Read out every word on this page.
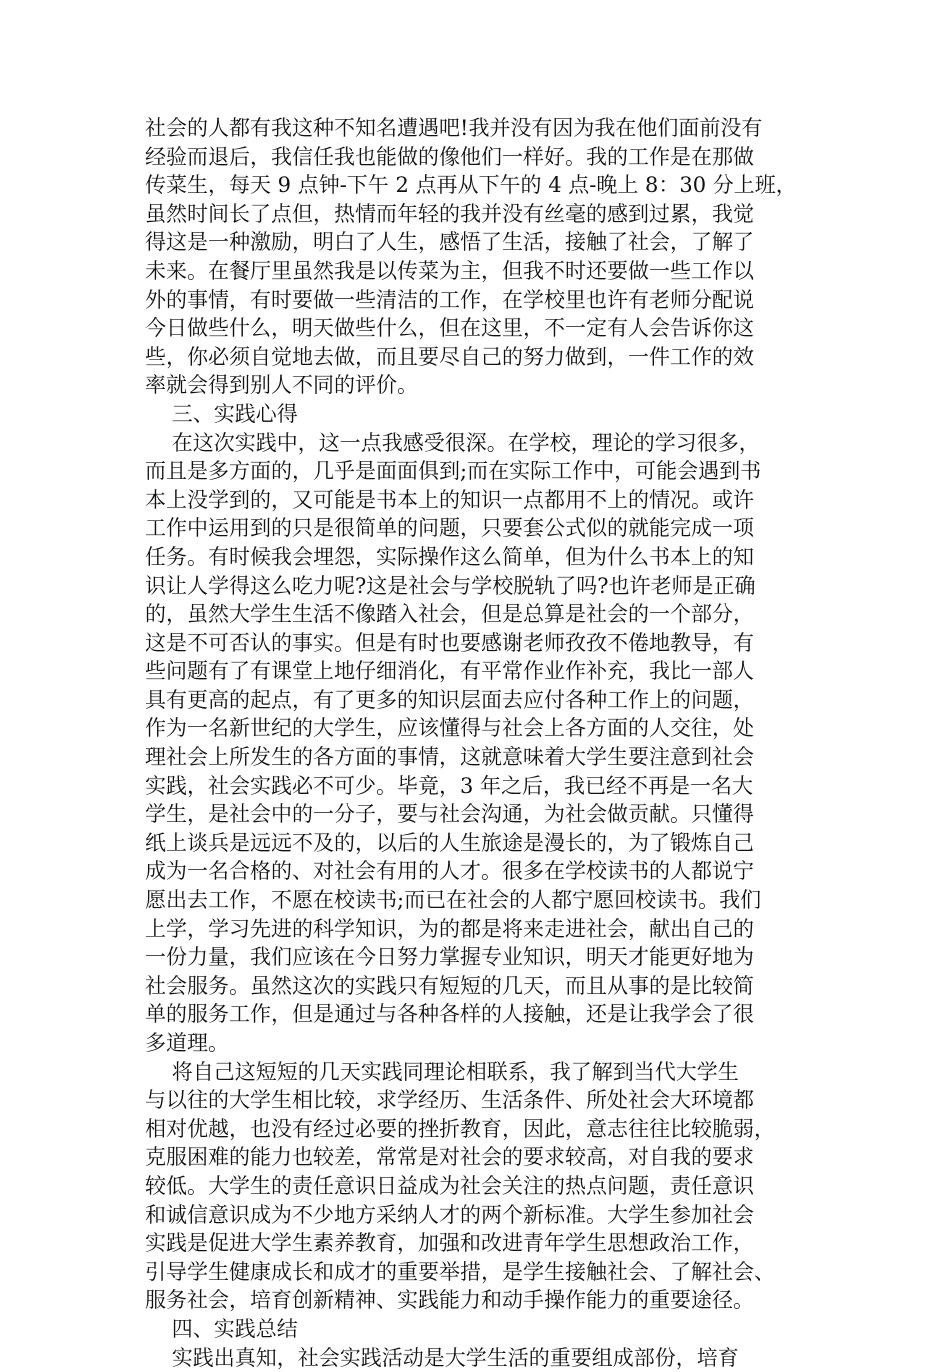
社会的人都有我这种不知名遭遇吧!我并没有因为我在他们面前没有
经验而退后，我信任我也能做的像他们一样好。我的工作是在那做
传菜生，每天 9 点钟-下午 2 点再从下午的 4 点-晚上 8：30 分上班，
虽然时间长了点但，热情而年轻的我并没有丝毫的感到过累，我觉
得这是一种激励，明白了人生，感悟了生活，接触了社会，了解了
未来。在餐厅里虽然我是以传菜为主，但我不时还要做一些工作以
外的事情，有时要做一些清洁的工作，在学校里也许有老师分配说
今日做些什么，明天做些什么，但在这里，不一定有人会告诉你这
些，你必须自觉地去做，而且要尽自己的努力做到，一件工作的效
率就会得到别人不同的评价。
三、实践心得
在这次实践中，这一点我感受很深。在学校，理论的学习很多，
而且是多方面的，几乎是面面俱到;而在实际工作中，可能会遇到书
本上没学到的，又可能是书本上的知识一点都用不上的情况。或许
工作中运用到的只是很简单的问题，只要套公式似的就能完成一项
任务。有时候我会埋怨，实际操作这么简单，但为什么书本上的知
识让人学得这么吃力呢?这是社会与学校脱轨了吗?也许老师是正确
的，虽然大学生生活不像踏入社会，但是总算是社会的一个部分，
这是不可否认的事实。但是有时也要感谢老师孜孜不倦地教导，有
些问题有了有课堂上地仔细消化，有平常作业作补充，我比一部人
具有更高的起点，有了更多的知识层面去应付各种工作上的问题，
作为一名新世纪的大学生，应该懂得与社会上各方面的人交往，处
理社会上所发生的各方面的事情，这就意味着大学生要注意到社会
实践，社会实践必不可少。毕竟，3 年之后，我已经不再是一名大
学生，是社会中的一分子，要与社会沟通，为社会做贡献。只懂得
纸上谈兵是远远不及的，以后的人生旅途是漫长的，为了锻炼自己
成为一名合格的、对社会有用的人才。很多在学校读书的人都说宁
愿出去工作，不愿在校读书;而已在社会的人都宁愿回校读书。我们
上学，学习先进的科学知识，为的都是将来走进社会，献出自己的
一份力量，我们应该在今日努力掌握专业知识，明天才能更好地为
社会服务。虽然这次的实践只有短短的几天，而且从事的是比较简
单的服务工作，但是通过与各种各样的人接触，还是让我学会了很
多道理。
将自己这短短的几天实践同理论相联系，我了解到当代大学生
与以往的大学生相比较，求学经历、生活条件、所处社会大环境都
相对优越，也没有经过必要的挫折教育，因此，意志往往比较脆弱，
克服困难的能力也较差，常常是对社会的要求较高，对自我的要求
较低。大学生的责任意识日益成为社会关注的热点问题，责任意识
和诚信意识成为不少地方采纳人才的两个新标准。大学生参加社会
实践是促进大学生素养教育，加强和改进青年学生思想政治工作，
引导学生健康成长和成才的重要举措，是学生接触社会、了解社会、
服务社会，培育创新精神、实践能力和动手操作能力的重要途径。
四、实践总结
实践出真知，社会实践活动是大学生活的重要组成部份，培育
